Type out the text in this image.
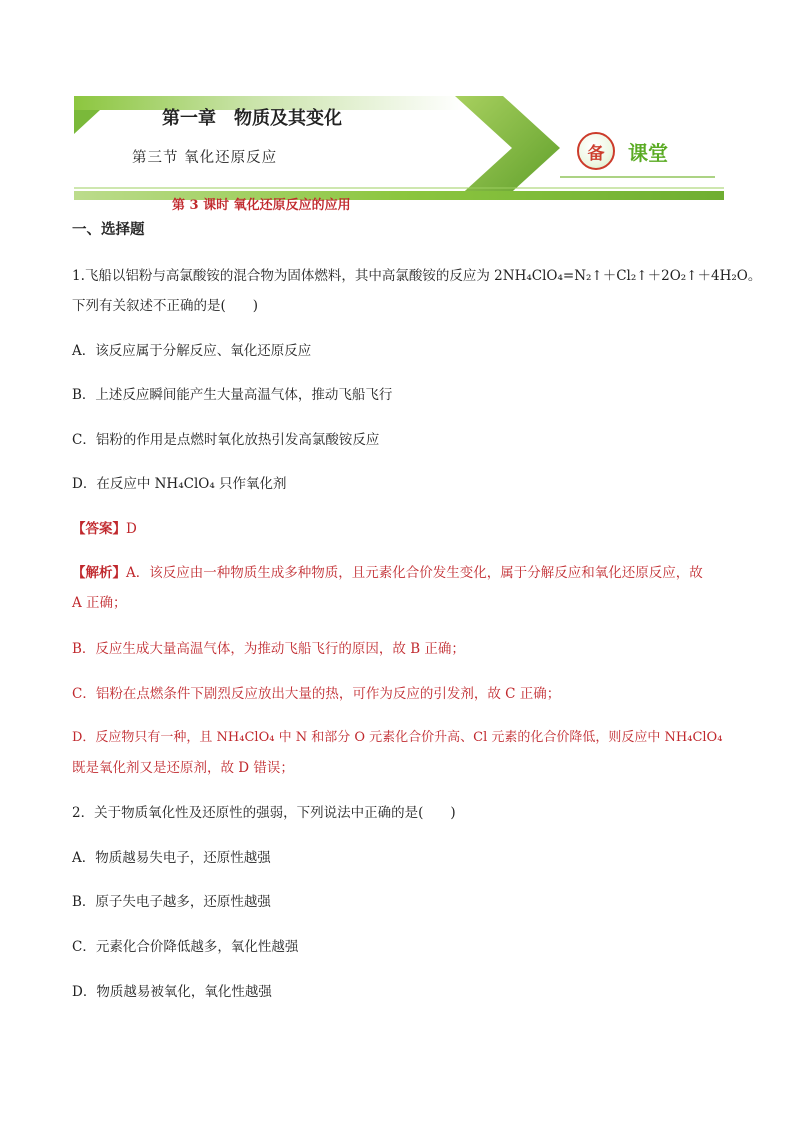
第一章　物质及其变化
第三节 氧化还原反应
第 3 课时 氧化还原反应的应用
备 课堂
一、选择题
1.飞船以铝粉与高氯酸铵的混合物为固体燃料，其中高氯酸铵的反应为 2NH₄ClO₄=N₂↑＋Cl₂↑＋2O₂↑＋4H₂O。
下列有关叙述不正确的是(　　)
A．该反应属于分解反应、氧化还原反应
B．上述反应瞬间能产生大量高温气体，推动飞船飞行
C．铝粉的作用是点燃时氧化放热引发高氯酸铵反应
D．在反应中 NH₄ClO₄ 只作氧化剂
【答案】D
【解析】A．该反应由一种物质生成多种物质，且元素化合价发生变化，属于分解反应和氧化还原反应，故
A 正确；
B．反应生成大量高温气体，为推动飞船飞行的原因，故 B 正确；
C．铝粉在点燃条件下剧烈反应放出大量的热，可作为反应的引发剂，故 C 正确；
D．反应物只有一种，且 NH₄ClO₄ 中 N 和部分 O 元素化合价升高、Cl 元素的化合价降低，则反应中 NH₄ClO₄
既是氧化剂又是还原剂，故 D 错误；
2．关于物质氧化性及还原性的强弱，下列说法中正确的是(　　)
A．物质越易失电子，还原性越强
B．原子失电子越多，还原性越强
C．元素化合价降低越多，氧化性越强
D．物质越易被氧化，氧化性越强
